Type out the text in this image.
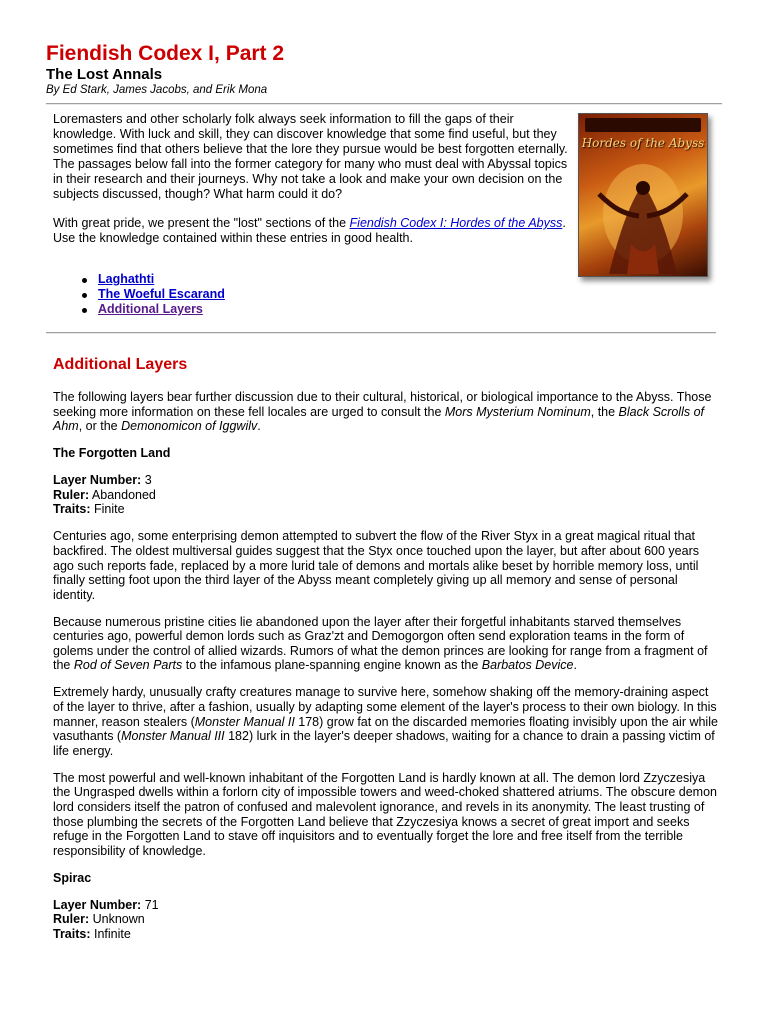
Fiendish Codex I, Part 2
The Lost Annals
By Ed Stark, James Jacobs, and Erik Mona

Loremasters and other scholarly folk always seek information to fill the gaps of their knowledge. With luck and skill, they can discover knowledge that some find useful, but they sometimes find that others believe that the lore they pursue would be best forgotten eternally. The passages below fall into the former category for many who must deal with Abyssal topics in their research and their journeys. Why not take a look and make your own decision on the subjects discussed, though? What harm could it do?

With great pride, we present the "lost" sections of the Fiendish Codex I: Hordes of the Abyss. Use the knowledge contained within these entries in good health.

Hordes of the Abyss
Laghathti
The Woeful Escarand
Additional Layers
Additional Layers

The following layers bear further discussion due to their cultural, historical, or biological importance to the Abyss. Those seeking more information on these fell locales are urged to consult the Mors Mysterium Nominum, the Black Scrolls of Ahm, or the Demonomicon of Iggwilv.

The Forgotten Land

Layer Number: 3
Ruler: Abandoned
Traits: Finite

Centuries ago, some enterprising demon attempted to subvert the flow of the River Styx in a great magical ritual that backfired. The oldest multiversal guides suggest that the Styx once touched upon the layer, but after about 600 years ago such reports fade, replaced by a more lurid tale of demons and mortals alike beset by horrible memory loss, until finally setting foot upon the third layer of the Abyss meant completely giving up all memory and sense of personal identity.

Because numerous pristine cities lie abandoned upon the layer after their forgetful inhabitants starved themselves centuries ago, powerful demon lords such as Graz'zt and Demogorgon often send exploration teams in the form of golems under the control of allied wizards. Rumors of what the demon princes are looking for range from a fragment of the Rod of Seven Parts to the infamous plane-spanning engine known as the Barbatos Device.

Extremely hardy, unusually crafty creatures manage to survive here, somehow shaking off the memory-draining aspect of the layer to thrive, after a fashion, usually by adapting some element of the layer's process to their own biology. In this manner, reason stealers (Monster Manual II 178) grow fat on the discarded memories floating invisibly upon the air while vasuthants (Monster Manual III 182) lurk in the layer's deeper shadows, waiting for a chance to drain a passing victim of life energy.

The most powerful and well-known inhabitant of the Forgotten Land is hardly known at all. The demon lord Zzyczesiya the Ungrasped dwells within a forlorn city of impossible towers and weed-choked shattered atriums. The obscure demon lord considers itself the patron of confused and malevolent ignorance, and revels in its anonymity. The least trusting of those plumbing the secrets of the Forgotten Land believe that Zzyczesiya knows a secret of great import and seeks refuge in the Forgotten Land to stave off inquisitors and to eventually forget the lore and free itself from the terrible responsibility of knowledge.

Spirac

Layer Number: 71
Ruler: Unknown
Traits: Infinite
